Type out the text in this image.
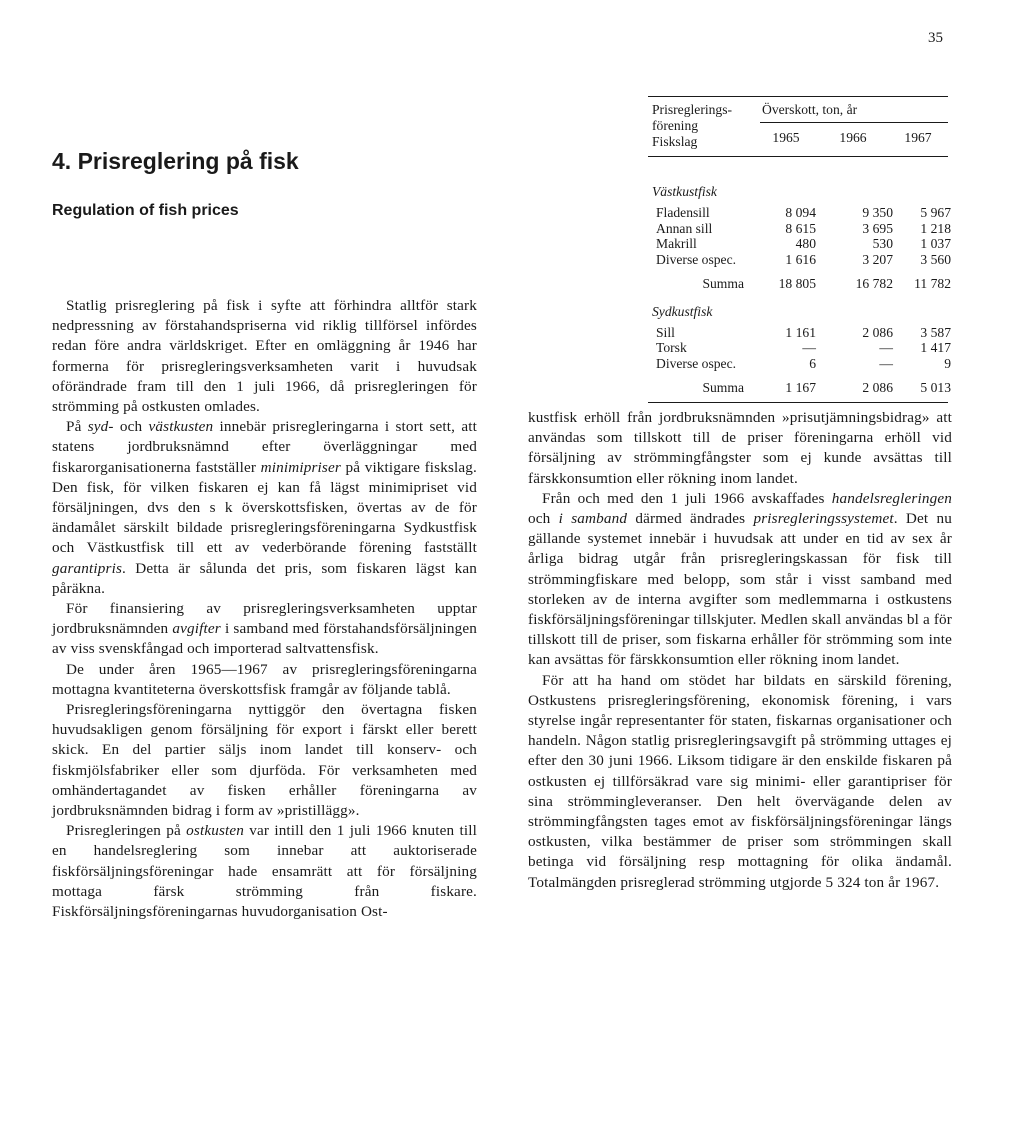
35
4. Prisreglering på fisk
Regulation of fish prices
Prisreglerings-
förening
Fiskslag
Överskott, ton, år
1965	1966	1967
Västkustfisk
Fladensill	8 094	9 350	5 967
Annan sill	8 615	3 695	1 218
Makrill	480	530	1 037
Diverse ospec.	1 616	3 207	3 560
Summa	18 805	16 782	11 782
Sydkustfisk
Sill	1 161	2 086	3 587
Torsk	—	—	1 417
Diverse ospec.	6	—	9
Summa	1 167	2 086	5 013

Statlig prisreglering på fisk i syfte att förhindra alltför stark nedpressning av förstahandspriserna vid riklig tillförsel infördes redan före andra världskriget. Efter en omläggning år 1946 har formerna för prisregleringsverksamheten varit i huvudsak oförändrade fram till den 1 juli 1966, då prisregleringen för strömming på ostkusten omlades.

På syd- och västkusten innebär prisregleringarna i stort sett, att statens jordbruksnämnd efter överläggningar med fiskarorganisationerna fastställer minimipriser på viktigare fiskslag. Den fisk, för vilken fiskaren ej kan få lägst minimipriset vid försäljningen, dvs den s k överskottsfisken, övertas av de för ändamålet särskilt bildade prisregleringsföreningarna Sydkustfisk och Västkustfisk till ett av vederbörande förening fastställt garantipris. Detta är sålunda det pris, som fiskaren lägst kan påräkna.

För finansiering av prisregleringsverksamheten upptar jordbruksnämnden avgifter i samband med förstahandsförsäljningen av viss svenskfångad och importerad saltvattensfisk.

De under åren 1965—1967 av prisregleringsföreningarna mottagna kvantiteterna överskottsfisk framgår av följande tablå.

Prisregleringsföreningarna nyttiggör den övertagna fisken huvudsakligen genom försäljning för export i färskt eller berett skick. En del partier säljs inom landet till konserv- och fiskmjölsfabriker eller som djurföda. För verksamheten med omhändertagandet av fisken erhåller föreningarna av jordbruksnämnden bidrag i form av »pristillägg».

Prisregleringen på ostkusten var intill den 1 juli 1966 knuten till en handelsreglering som innebar att auktoriserade fiskförsäljningsföreningar hade ensamrätt att för försäljning mottaga färsk strömming från fiskare. Fiskförsäljningsföreningarnas huvudorganisation Ost-

kustfisk erhöll från jordbruksnämnden »prisutjämningsbidrag» att användas som tillskott till de priser föreningarna erhöll vid försäljning av strömmingfångster som ej kunde avsättas till färskkonsumtion eller rökning inom landet.

Från och med den 1 juli 1966 avskaffades handelsregleringen och i samband därmed ändrades prisregleringssystemet. Det nu gällande systemet innebär i huvudsak att under en tid av sex år årliga bidrag utgår från prisregleringskassan för fisk till strömmingfiskare med belopp, som står i visst samband med storleken av de interna avgifter som medlemmarna i ostkustens fiskförsäljningsföreningar tillskjuter. Medlen skall användas bl a för tillskott till de priser, som fiskarna erhåller för strömming som inte kan avsättas för färskkonsumtion eller rökning inom landet.

För att ha hand om stödet har bildats en särskild förening, Ostkustens prisregleringsförening, ekonomisk förening, i vars styrelse ingår representanter för staten, fiskarnas organisationer och handeln. Någon statlig prisregleringsavgift på strömming uttages ej efter den 30 juni 1966. Liksom tidigare är den enskilde fiskaren på ostkusten ej tillförsäkrad vare sig minimi- eller garantipriser för sina strömmingleveranser. Den helt övervägande delen av strömmingfångsten tages emot av fiskförsäljningsföreningar längs ostkusten, vilka bestämmer de priser som strömmingen skall betinga vid försäljning resp mottagning för olika ändamål. Totalmängden prisreglerad strömming utgjorde 5 324 ton år 1967.
